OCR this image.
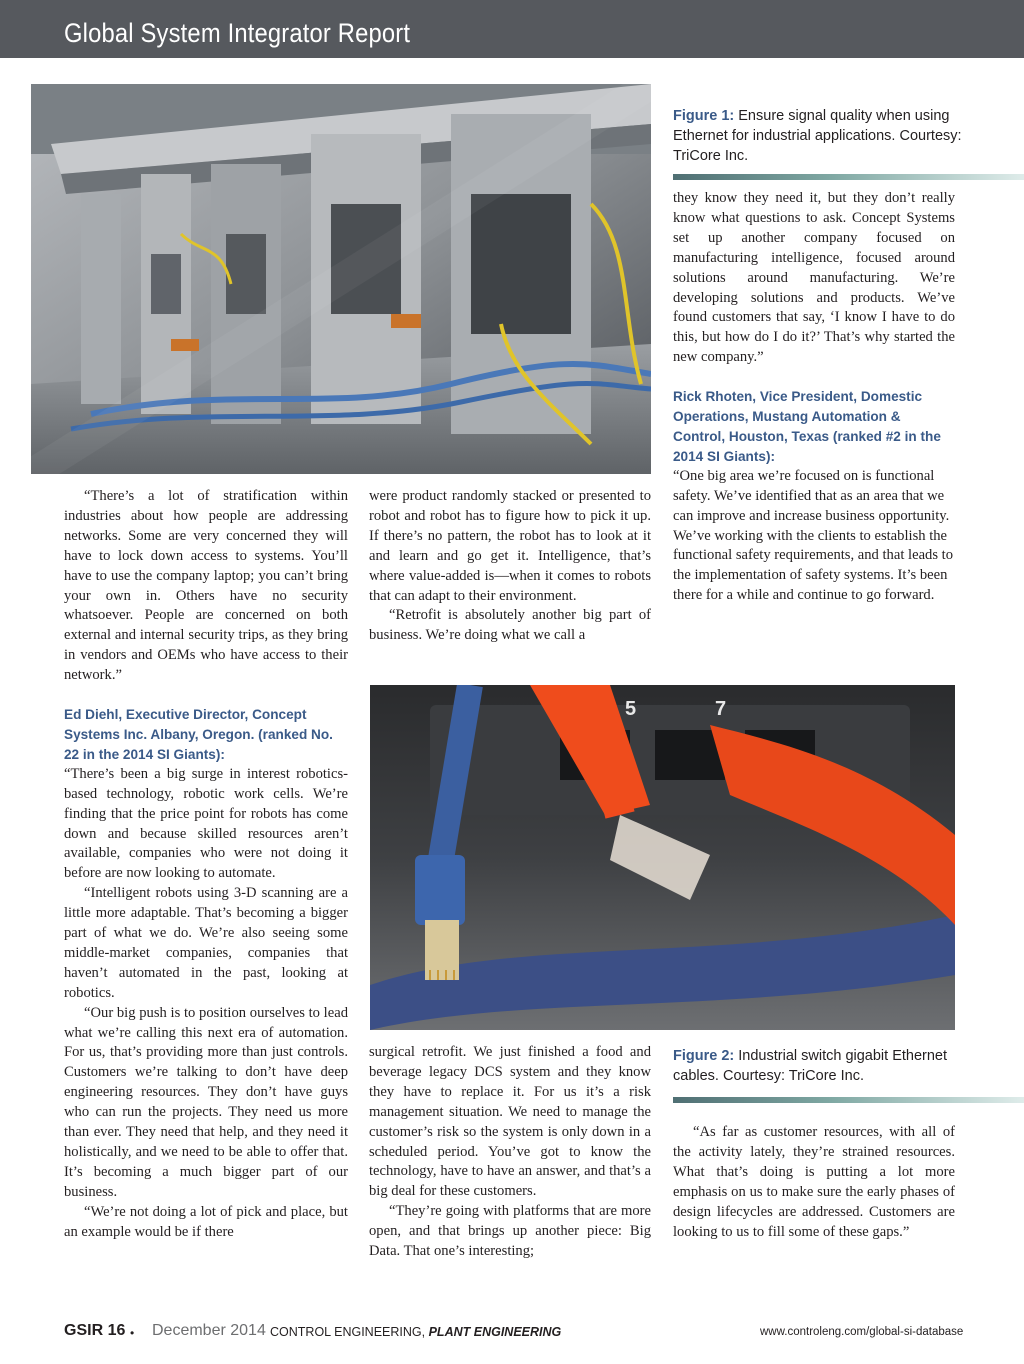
Global System Integrator Report
Figure 1: Ensure signal quality when using Ethernet for industrial applications. Courtesy: TriCore Inc.

“There’s a lot of stratification within industries about how people are addressing networks. Some are very concerned they will have to lock down access to systems. You’ll have to use the company laptop; you can’t bring your own in. Others have no security whatsoever. People are concerned on both external and internal security trips, as they bring in vendors and OEMs who have access to their network.”

Ed Diehl, Executive Director, Concept Systems Inc. Albany, Oregon. (ranked No. 22 in the 2014 SI Giants):

“There’s been a big surge in interest robotics-based technology, robotic work cells. We’re finding that the price point for robots has come down and because skilled resources aren’t available, companies who were not doing it before are now looking to automate.

“Intelligent robots using 3-D scanning are a little more adaptable. That’s becoming a bigger part of what we do. We’re also seeing some middle-market companies, companies that haven’t automated in the past, looking at robotics.

“Our big push is to position ourselves to lead what we’re calling this next era of automation. For us, that’s providing more than just controls. Customers we’re talking to don’t have deep engineering resources. They don’t have guys who can run the projects. They need us more than ever. They need that help, and they need it holistically, and we need to be able to offer that. It’s becoming a much bigger part of our business.

“We’re not doing a lot of pick and place, but an example would be if there

were product randomly stacked or presented to robot and robot has to figure how to pick it up. If there’s no pattern, the robot has to look at it and learn and go get it. Intelligence, that’s where value-added is—when it comes to robots that can adapt to their environment.

“Retrofit is absolutely another big part of business. We’re doing what we call a

they know they need it, but they don’t really know what questions to ask. Concept Systems set up another company focused on manufacturing intelligence, focused around solutions around manufacturing. We’re developing solutions and products. We’ve found customers that say, ‘I know I have to do this, but how do I do it?’ That’s why started the new company.”

Rick Rhoten, Vice President, Domestic Operations, Mustang Automation & Control, Houston, Texas (ranked #2 in the 2014 SI Giants):

“One big area we’re focused on is functional safety. We’ve identified that as an area that we can improve and increase business opportunity. We’ve working with the clients to establish the functional safety requirements, and that leads to the implementation of safety systems. It’s been there for a while and continue to go forward.

5	7

surgical retrofit. We just finished a food and beverage legacy DCS system and they know they have to replace it. For us it’s a risk management situation. We need to manage the customer’s risk so the system is only down in a scheduled period. You’ve got to know the technology, have to have an answer, and that’s a big deal for these customers.

“They’re going with platforms that are more open, and that brings up another piece: Big Data. That one’s interesting;

Figure 2: Industrial switch gigabit Ethernet cables. Courtesy: TriCore Inc.

“As far as customer resources, with all of the activity lately, they’re strained resources. What that’s doing is putting a lot more emphasis on us to make sure the early phases of design lifecycles are addressed. Customers are looking to us to fill some of these gaps.”

GSIR 16 • December 2014 CONTROL ENGINEERING, PLANT ENGINEERING	www.controleng.com/global-si-database
